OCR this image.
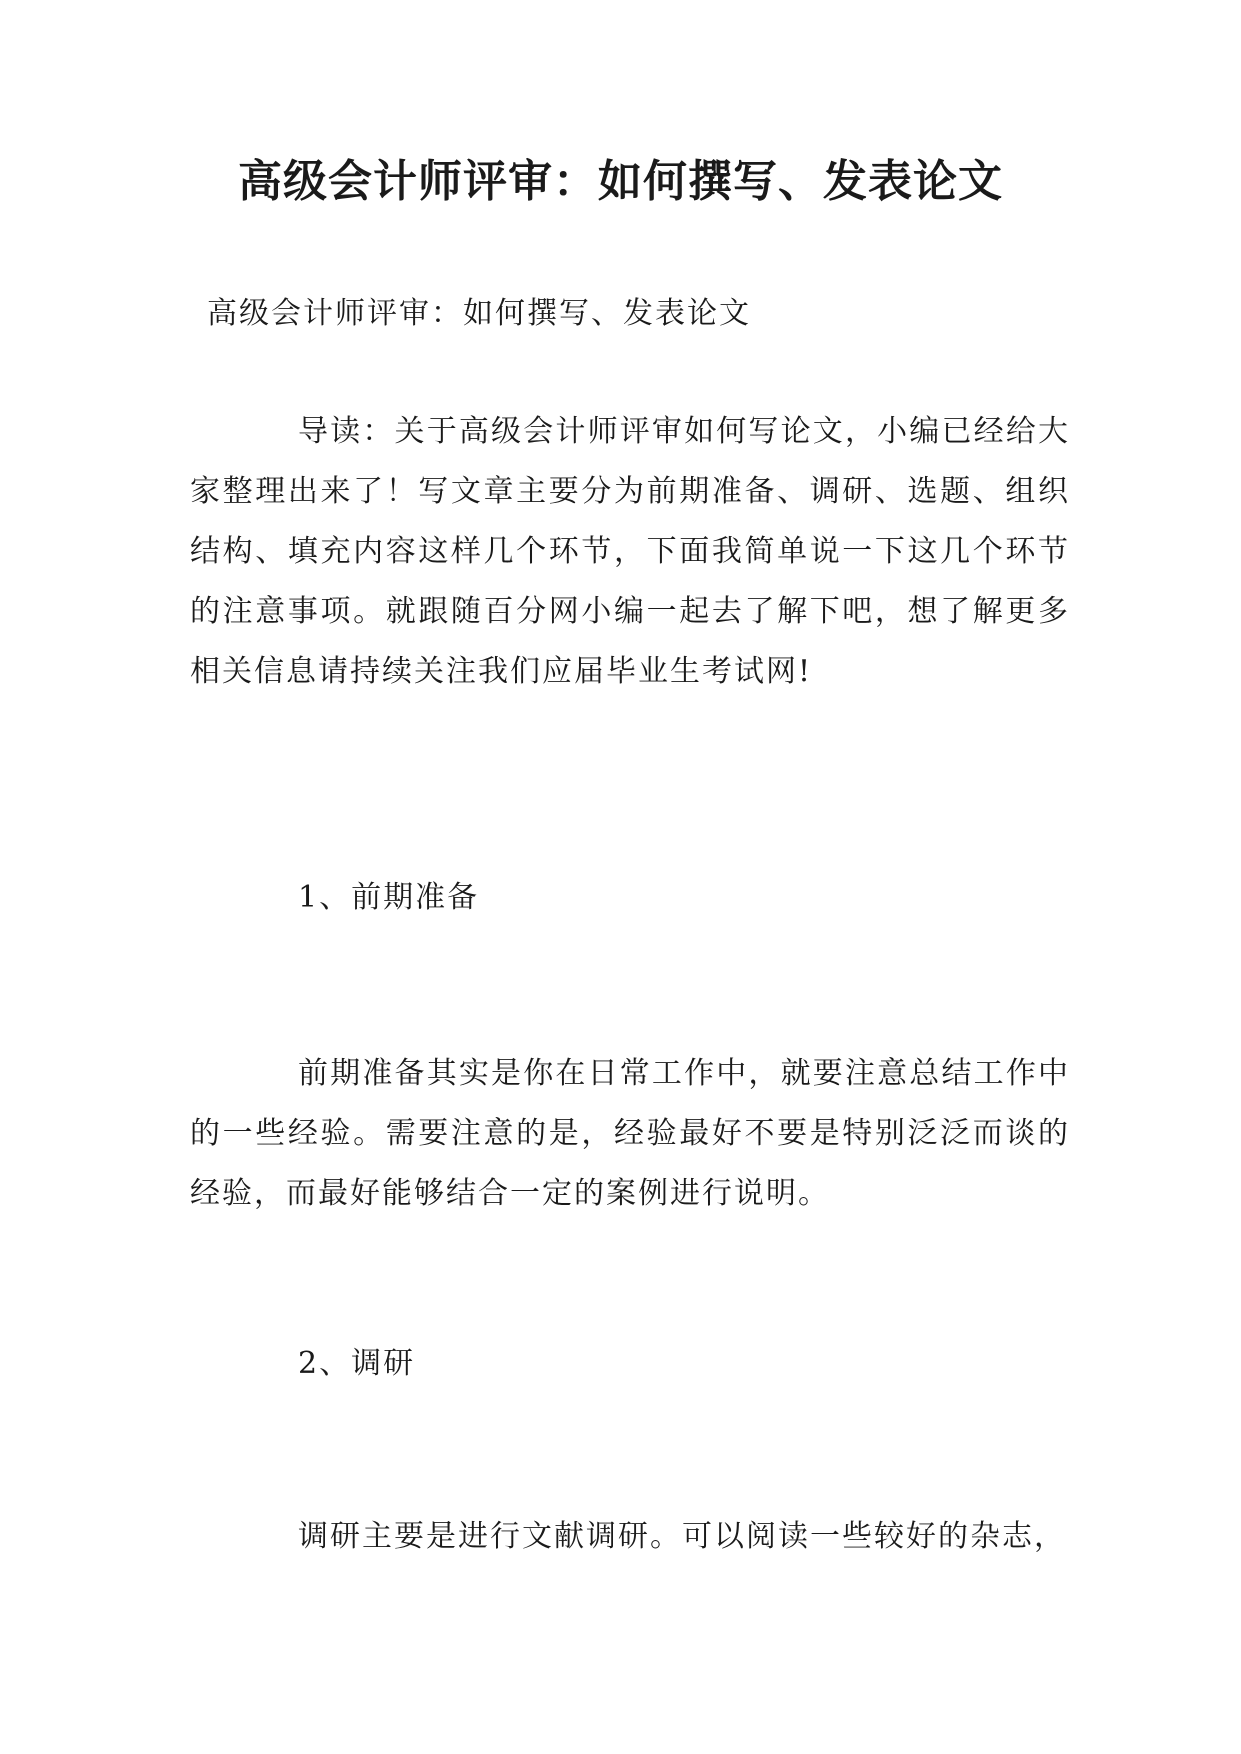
高级会计师评审：如何撰写、发表论文

高级会计师评审：如何撰写、发表论文

导读：关于高级会计师评审如何写论文，小编已经给大家整理出来了！写文章主要分为前期准备、调研、选题、组织结构、填充内容这样几个环节，下面我简单说一下这几个环节的注意事项。就跟随百分网小编一起去了解下吧，想了解更多相关信息请持续关注我们应届毕业生考试网!

1、前期准备

前期准备其实是你在日常工作中，就要注意总结工作中的一些经验。需要注意的是，经验最好不要是特别泛泛而谈的经验，而最好能够结合一定的案例进行说明。

2、调研

调研主要是进行文献调研。可以阅读一些较好的杂志，
